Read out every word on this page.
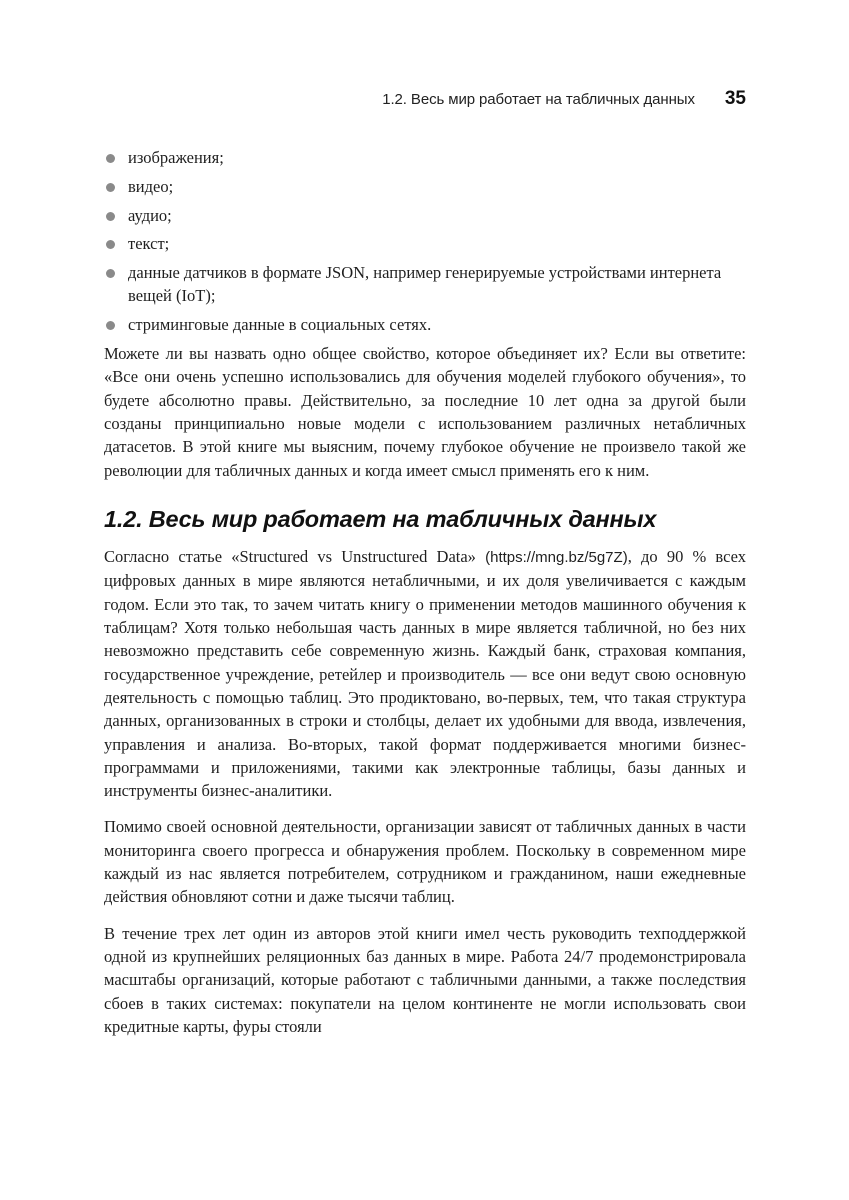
1.2. Весь мир работает на табличных данных 35
изображения;
видео;
аудио;
текст;
данные датчиков в формате JSON, например генерируемые устройствами интернета вещей (IoT);
стриминговые данные в социальных сетях.

Можете ли вы назвать одно общее свойство, которое объединяет их? Если вы ответите: «Все они очень успешно использовались для обучения моделей глубокого обучения», то будете абсолютно правы. Действительно, за последние 10 лет одна за другой были созданы принципиально новые модели с использованием различных нетабличных датасетов. В этой книге мы выясним, почему глубокое обучение не произвело такой же революции для табличных данных и когда имеет смысл применять его к ним.

1.2. Весь мир работает на табличных данных

Согласно статье «Structured vs Unstructured Data» (https://mng.bz/5g7Z), до 90 % всех цифровых данных в мире являются нетабличными, и их доля увеличивается с каждым годом. Если это так, то зачем читать книгу о применении методов машинного обучения к таблицам? Хотя только небольшая часть данных в мире является табличной, но без них невозможно представить себе современную жизнь. Каждый банк, страховая компания, государственное учреждение, ретейлер и производитель — все они ведут свою основную деятельность с помощью таблиц. Это продиктовано, во-первых, тем, что такая структура данных, организованных в строки и столбцы, делает их удобными для ввода, извлечения, управления и анализа. Во-вторых, такой формат поддерживается многими бизнес-программами и приложениями, такими как электронные таблицы, базы данных и инструменты бизнес-аналитики.

Помимо своей основной деятельности, организации зависят от табличных данных в части мониторинга своего прогресса и обнаружения проблем. Поскольку в современном мире каждый из нас является потребителем, сотрудником и гражданином, наши ежедневные действия обновляют сотни и даже тысячи таблиц.

В течение трех лет один из авторов этой книги имел честь руководить техподдержкой одной из крупнейших реляционных баз данных в мире. Работа 24/7 продемонстрировала масштабы организаций, которые работают с табличными данными, а также последствия сбоев в таких системах: покупатели на целом континенте не могли использовать свои кредитные карты, фуры стояли
